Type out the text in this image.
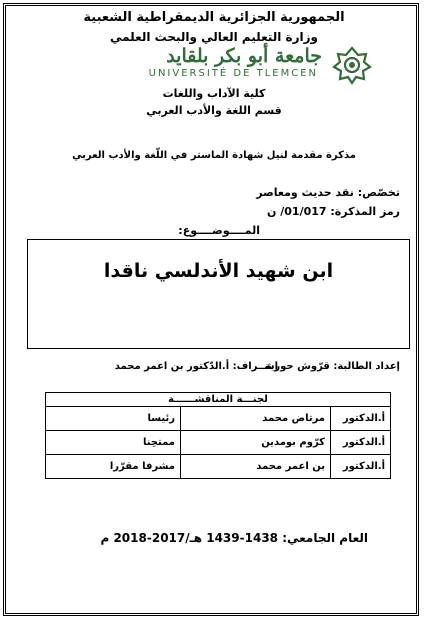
الجمهورية الجزائرية الديمقراطية الشعبية
وزارة التعليم العالي والبحث العلمي
جامعة أبو بكر بلقايد
UNIVERSITÉ DE TLEMCEN
كلية الآداب واللغات
قسم اللغة والأدب العربي
مذكرة مقدمة لنيل شهادة الماستر في اللّغة والأدب العربي
تخصّص: نقد حديث ومعاصر
رمز المذكرة: 01/017/ ن
المــــوضــــوع:
ابن شهيد الأندلسي ناقدا
إعداد الطالبة: قرّوش حورية
إشــراف: أ.الدّكتور بن اعمر محمد
لجنـــة المناقشــــــة		
أ.الدكتور	مرتاض محمد	رئيسا
أ.الدكتور	كرّوم بومدين	ممتحِنا
أ.الدكتور	بن اعمر محمد	مشرفا مقرّرا
العام الجامعي: 1438-1439 هـ/2017-2018 م
